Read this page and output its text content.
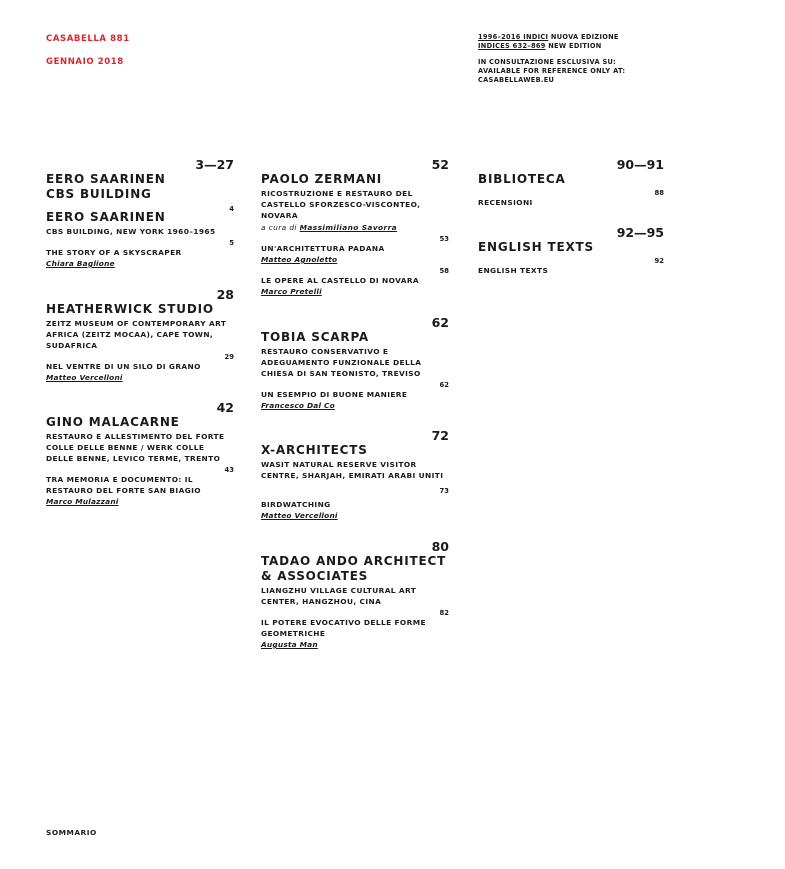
CASABELLA 881
GENNAIO 2018
1996–2016 INDICI NUOVA EDIZIONE
INDICES 632–869 NEW EDITION
IN CONSULTAZIONE ESCLUSIVA SU:
AVAILABLE FOR REFERENCE ONLY AT:
CASABELLAWEB.EU
3—27
EERO SAARINEN
CBS BUILDING
4
EERO SAARINEN
CBS BUILDING, NEW YORK 1960–1965
5
THE STORY OF A SKYSCRAPER
Chiara Baglione
28
HEATHERWICK STUDIO
ZEITZ MUSEUM OF CONTEMPORARY ART AFRICA (ZEITZ MOCAA), CAPE TOWN, SUDAFRICA
29
NEL VENTRE DI UN SILO DI GRANO
Matteo Vercelloni
42
GINO MALACARNE
RESTAURO E ALLESTIMENTO DEL FORTE COLLE DELLE BENNE / WERK COLLE DELLE BENNE, LEVICO TERME, TRENTO
43
TRA MEMORIA E DOCUMENTO: IL RESTAURO DEL FORTE SAN BIAGIO
Marco Mulazzani
52
PAOLO ZERMANI
RICOSTRUZIONE E RESTAURO DEL CASTELLO SFORZESCO-VISCONTEO, NOVARA
a cura di Massimiliano Savorra
53
UN'ARCHITETTURA PADANA
Matteo Agnoletto
58
LE OPERE AL CASTELLO DI NOVARA
Marco Pretelli
62
TOBIA SCARPA
RESTAURO CONSERVATIVO E ADEGUAMENTO FUNZIONALE DELLA CHIESA DI SAN TEONISTO, TREVISO
62
UN ESEMPIO DI BUONE MANIERE
Francesco Dal Co
72
X-ARCHITECTS
WASIT NATURAL RESERVE VISITOR CENTRE, SHARJAH, EMIRATI ARABI UNITI
73
BIRDWATCHING
Matteo Vercelloni
80
TADAO ANDO ARCHITECT & ASSOCIATES
LIANGZHU VILLAGE CULTURAL ART CENTER, HANGZHOU, CINA
82
IL POTERE EVOCATIVO DELLE FORME GEOMETRICHE
Augusta Man
90—91
BIBLIOTECA
88
RECENSIONI
92—95
ENGLISH TEXTS
92
ENGLISH TEXTS
SOMMARIO
